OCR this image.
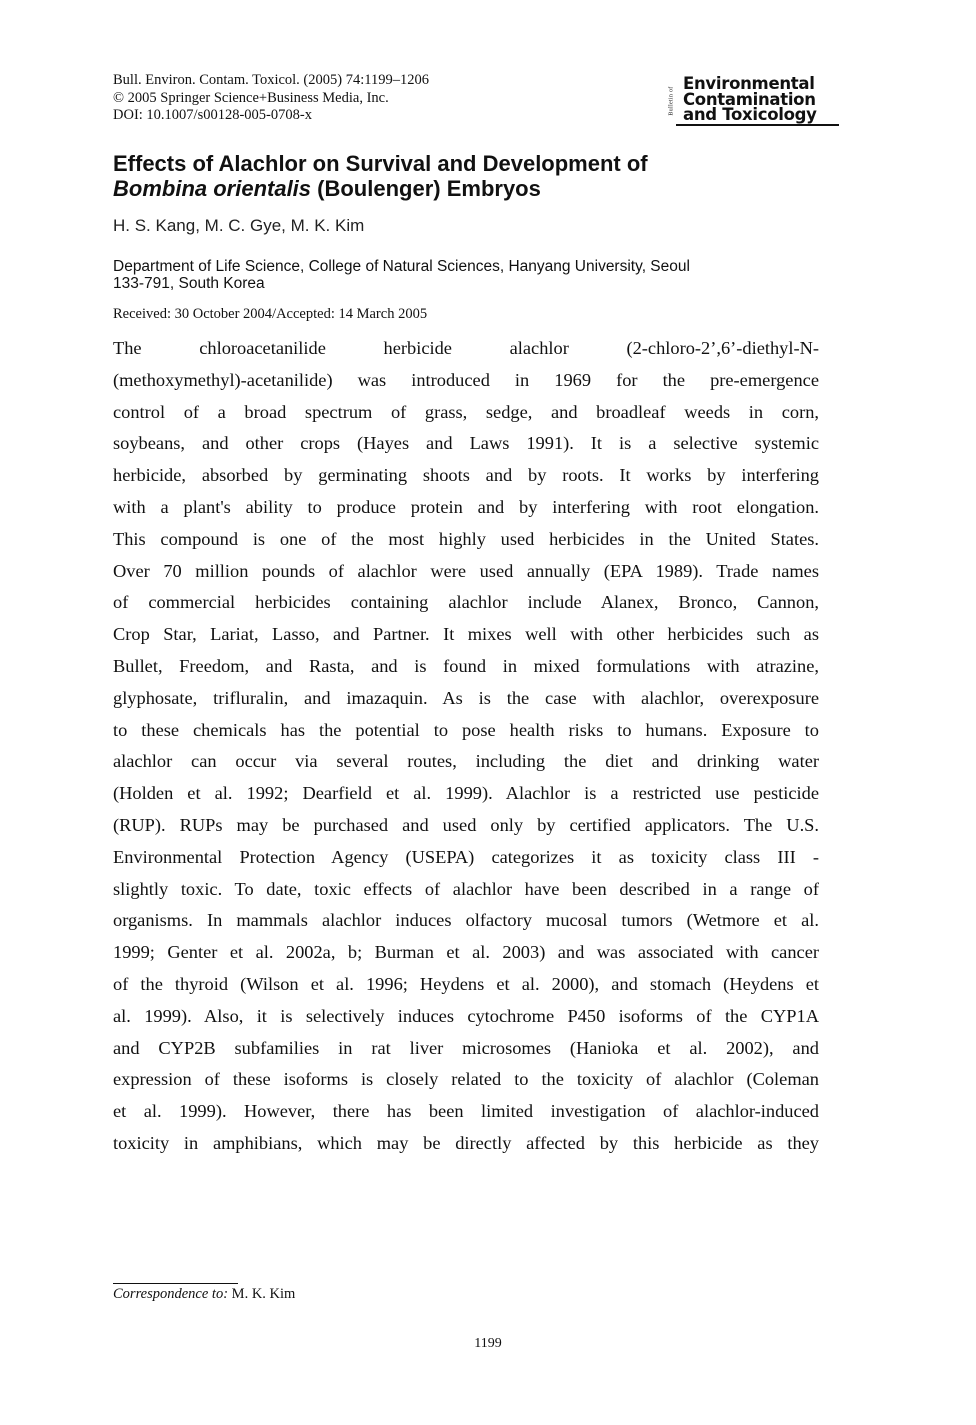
Bull. Environ. Contam. Toxicol. (2005) 74:1199–1206
© 2005 Springer Science+Business Media, Inc.
DOI: 10.1007/s00128-005-0708-x	Bulletin of
Environmental
Contamination
and Toxicology
Effects of Alachlor on Survival and Development of
Bombina orientalis (Boulenger) Embryos
H. S. Kang, M. C. Gye, M. K. Kim
Department of Life Science, College of Natural Sciences, Hanyang University, Seoul
133-791, South Korea
Received: 30 October 2004/Accepted: 14 March 2005
The chloroacetanilide herbicide alachlor (2-chloro-2’,6’-diethyl-N-
(methoxymethyl)-acetanilide) was introduced in 1969 for the pre-emergence
control of a broad spectrum of grass, sedge, and broadleaf weeds in corn,
soybeans, and other crops (Hayes and Laws 1991). It is a selective systemic
herbicide, absorbed by germinating shoots and by roots. It works by interfering
with a plant's ability to produce protein and by interfering with root elongation.
This compound is one of the most highly used herbicides in the United States.
Over 70 million pounds of alachlor were used annually (EPA 1989). Trade names
of commercial herbicides containing alachlor include Alanex, Bronco, Cannon,
Crop Star, Lariat, Lasso, and Partner. It mixes well with other herbicides such as
Bullet, Freedom, and Rasta, and is found in mixed formulations with atrazine,
glyphosate, trifluralin, and imazaquin. As is the case with alachlor, overexposure
to these chemicals has the potential to pose health risks to humans. Exposure to
alachlor can occur via several routes, including the diet and drinking water
(Holden et al. 1992; Dearfield et al. 1999). Alachlor is a restricted use pesticide
(RUP). RUPs may be purchased and used only by certified applicators. The U.S.
Environmental Protection Agency (USEPA) categorizes it as toxicity class III -
slightly toxic. To date, toxic effects of alachlor have been described in a range of
organisms. In mammals alachlor induces olfactory mucosal tumors (Wetmore et al.
1999; Genter et al. 2002a, b; Burman et al. 2003) and was associated with cancer
of the thyroid (Wilson et al. 1996; Heydens et al. 2000), and stomach (Heydens et
al. 1999). Also, it is selectively induces cytochrome P450 isoforms of the CYP1A
and CYP2B subfamilies in rat liver microsomes (Hanioka et al. 2002), and
expression of these isoforms is closely related to the toxicity of alachlor (Coleman
et al. 1999). However, there has been limited investigation of alachlor-induced
toxicity in amphibians, which may be directly affected by this herbicide as they
Correspondence to: M. K. Kim
1199
